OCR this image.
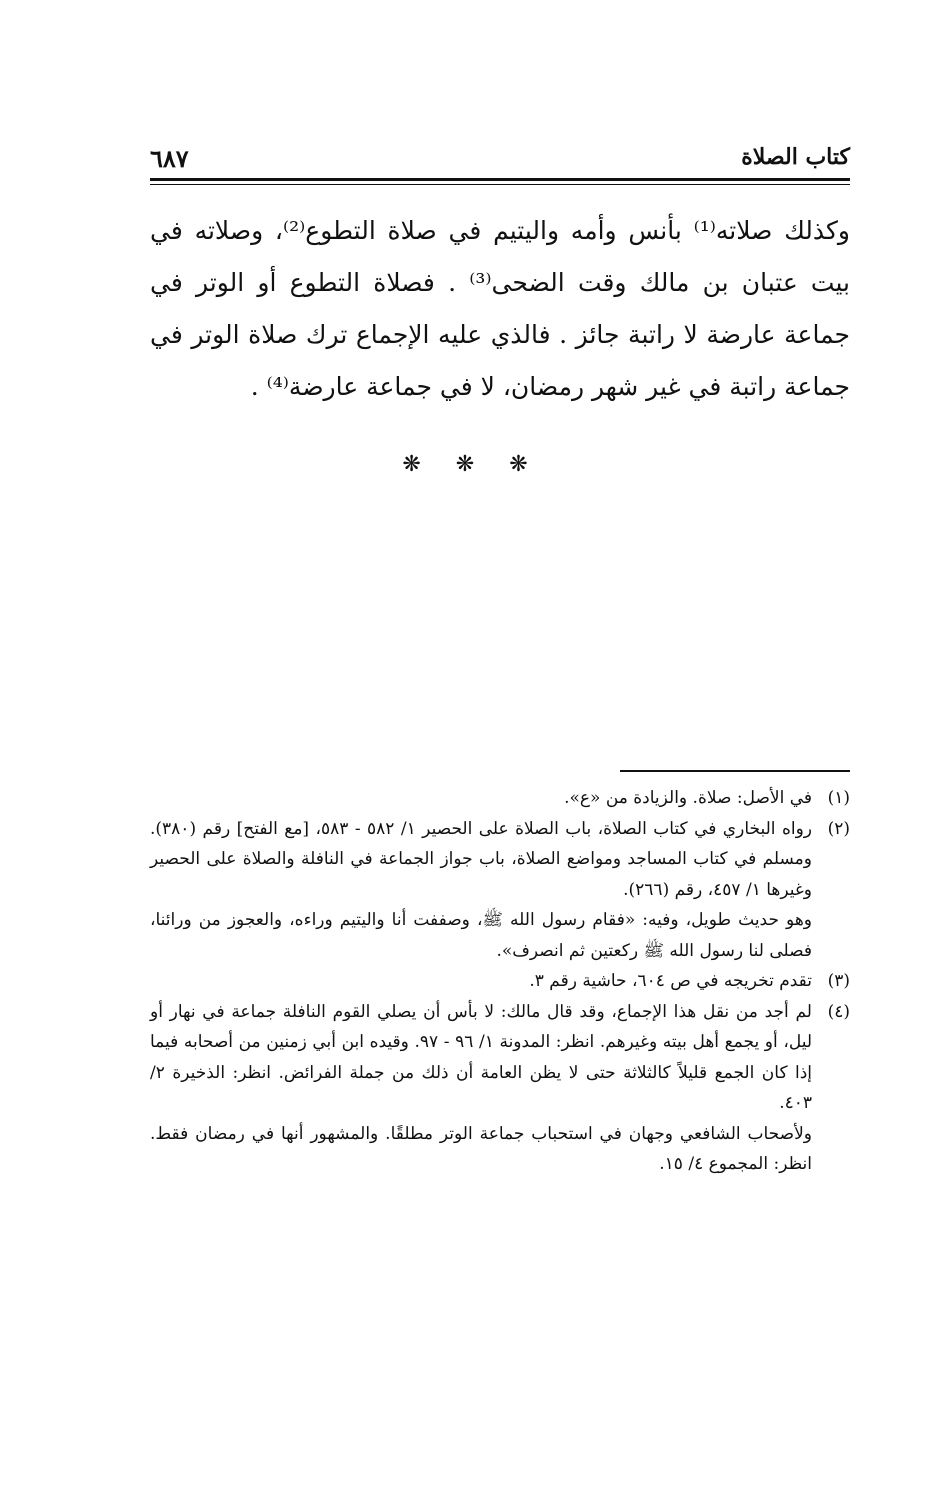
كتاب الصلاة
٦٨٧
وكذلك صلاته⁽¹⁾ بأنس وأمه واليتيم في صلاة التطوع⁽²⁾، وصلاته في بيت عتبان بن مالك وقت الضحى⁽³⁾ . فصلاة التطوع أو الوتر في جماعة عارضة لا راتبة جائز . فالذي عليه الإجماع ترك صلاة الوتر في جماعة راتبة في غير شهر رمضان، لا في جماعة عارضة⁽⁴⁾ .
❋ ❋ ❋
(١)
في الأصل: صلاة. والزيادة من «ع».
(٢)
رواه البخاري في كتاب الصلاة، باب الصلاة على الحصير ١/ ٥٨٢ - ٥٨٣، [مع الفتح] رقم (٣٨٠). ومسلم في كتاب المساجد ومواضع الصلاة، باب جواز الجماعة في النافلة والصلاة على الحصير وغيرها ١/ ٤٥٧، رقم (٢٦٦).
وهو حديث طويل، وفيه: «فقام رسول الله ﷺ، وصففت أنا واليتيم وراءه، والعجوز من ورائنا، فصلى لنا رسول الله ﷺ ركعتين ثم انصرف».
(٣)
تقدم تخريجه في ص ٦٠٤، حاشية رقم ٣.
(٤)
لم أجد من نقل هذا الإجماع، وقد قال مالك: لا بأس أن يصلي القوم النافلة جماعة في نهار أو ليل، أو يجمع أهل بيته وغيرهم. انظر: المدونة ١/ ٩٦ - ٩٧. وقيده ابن أبي زمنين من أصحابه فيما إذا كان الجمع قليلاً كالثلاثة حتى لا يظن العامة أن ذلك من جملة الفرائض. انظر: الذخيرة ٢/ ٤٠٣.
ولأصحاب الشافعي وجهان في استحباب جماعة الوتر مطلقًا. والمشهور أنها في رمضان فقط. انظر: المجموع ٤/ ١٥.
